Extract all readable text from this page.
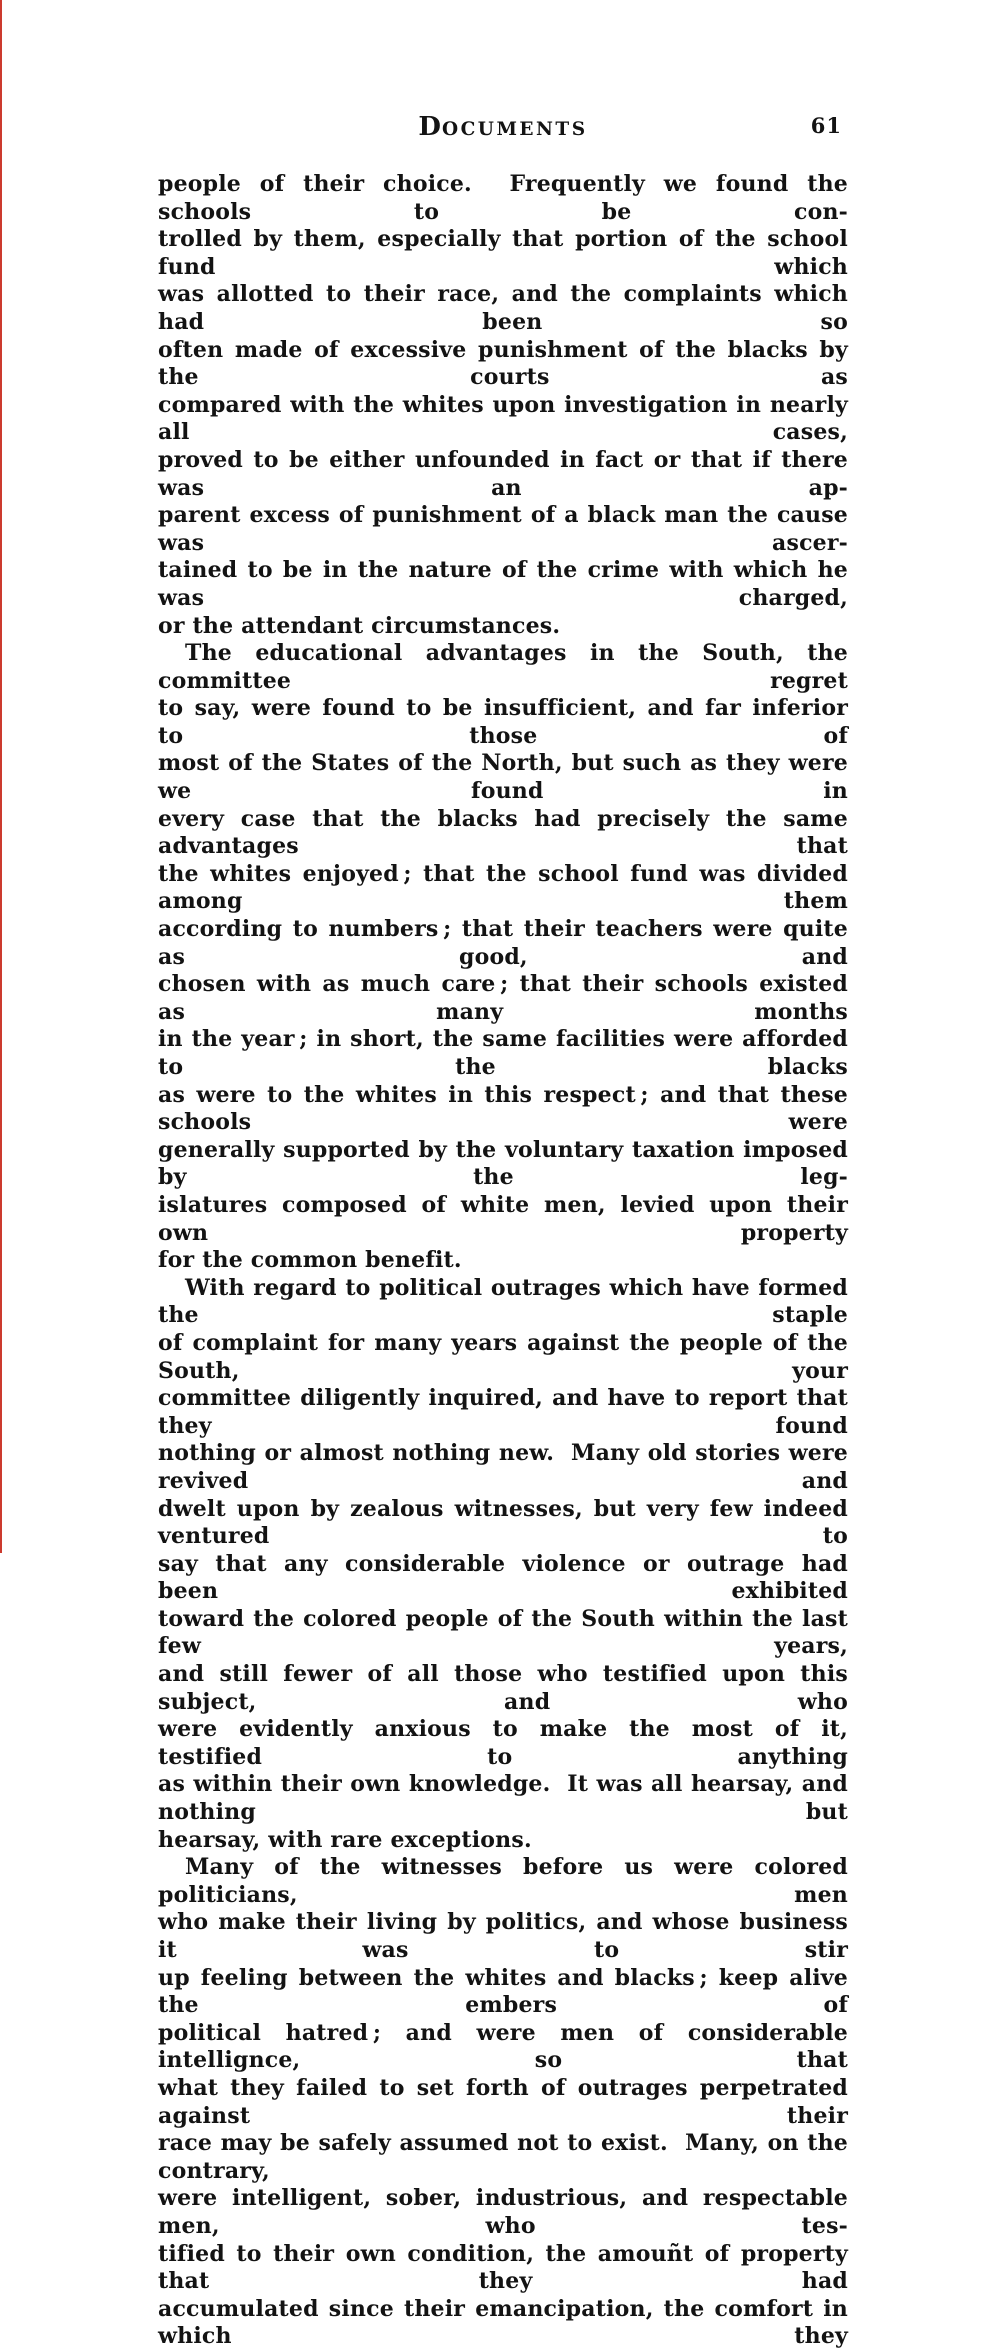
DOCUMENTS	61
people of their choice.  Frequently we found the schools to be con-
trolled by them, especially that portion of the school fund which
was allotted to their race, and the complaints which had been so
often made of excessive punishment of the blacks by the courts as
compared with the whites upon investigation in nearly all cases,
proved to be either unfounded in fact or that if there was an ap-
parent excess of punishment of a black man the cause was ascer-
tained to be in the nature of the crime with which he was charged,
or the attendant circumstances.
The educational advantages in the South, the committee regret
to say, were found to be insufficient, and far inferior to those of
most of the States of the North, but such as they were we found in
every case that the blacks had precisely the same advantages that
the whites enjoyed ; that the school fund was divided among them
according to numbers ; that their teachers were quite as good, and
chosen with as much care ; that their schools existed as many months
in the year ; in short, the same facilities were afforded to the blacks
as were to the whites in this respect ; and that these schools were
generally supported by the voluntary taxation imposed by the leg-
islatures composed of white men, levied upon their own property
for the common benefit.
With regard to political outrages which have formed the staple
of complaint for many years against the people of the South, your
committee diligently inquired, and have to report that they found
nothing or almost nothing new.  Many old stories were revived and
dwelt upon by zealous witnesses, but very few indeed ventured to
say that any considerable violence or outrage had been exhibited
toward the colored people of the South within the last few years,
and still fewer of all those who testified upon this subject, and who
were evidently anxious to make the most of it, testified to anything
as within their own knowledge.  It was all hearsay, and nothing but
hearsay, with rare exceptions.
Many of the witnesses before us were colored politicians, men
who make their living by politics, and whose business it was to stir
up feeling between the whites and blacks ; keep alive the embers of
political hatred ; and were men of considerable intellignce, so that
what they failed to set forth of outrages perpetrated against their
race may be safely assumed not to exist.  Many, on the contrary,
were intelligent, sober, industrious, and respectable men, who tes-
tified to their own condition, the amouñt of property that they had
accumulated since their emancipation, the comfort in which they
